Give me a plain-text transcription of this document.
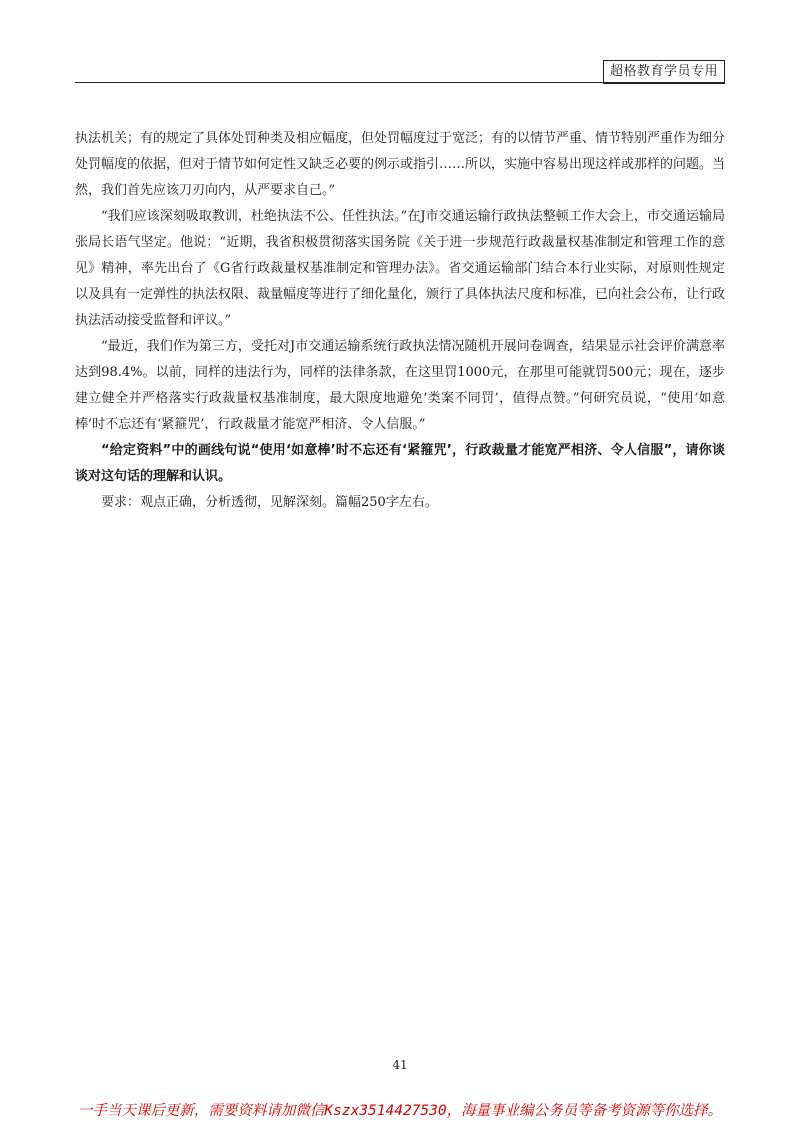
超格教育学员专用

执法机关；有的规定了具体处罚种类及相应幅度，但处罚幅度过于宽泛；有的以情节严重、情节特别严重作为细分处罚幅度的依据，但对于情节如何定性又缺乏必要的例示或指引……所以，实施中容易出现这样或那样的问题。当然，我们首先应该刀刃向内，从严要求自己。”

“我们应该深刻吸取教训，杜绝执法不公、任性执法。”在J市交通运输行政执法整顿工作大会上，市交通运输局张局长语气坚定。他说：“近期，我省积极贯彻落实国务院《关于进一步规范行政裁量权基准制定和管理工作的意见》精神，率先出台了《G省行政裁量权基准制定和管理办法》。省交通运输部门结合本行业实际，对原则性规定以及具有一定弹性的执法权限、裁量幅度等进行了细化量化，颁行了具体执法尺度和标准，已向社会公布，让行政执法活动接受监督和评议。”

“最近，我们作为第三方，受托对J市交通运输系统行政执法情况随机开展问卷调查，结果显示社会评价满意率达到98.4%。以前，同样的违法行为，同样的法律条款，在这里罚1000元，在那里可能就罚500元；现在，逐步建立健全并严格落实行政裁量权基准制度，最大限度地避免‘类案不同罚’，值得点赞。”何研究员说，“使用‘如意棒’时不忘还有‘紧箍咒’，行政裁量才能宽严相济、令人信服。”

“给定资料”中的画线句说“使用‘如意棒’时不忘还有‘紧箍咒’，行政裁量才能宽严相济、令人信服”，请你谈谈对这句话的理解和认识。

要求：观点正确，分析透彻，见解深刻。篇幅250字左右。

41
一手当天课后更新，需要资料请加微信Kszx3514427530，海量事业编公务员等备考资源等你选择。
